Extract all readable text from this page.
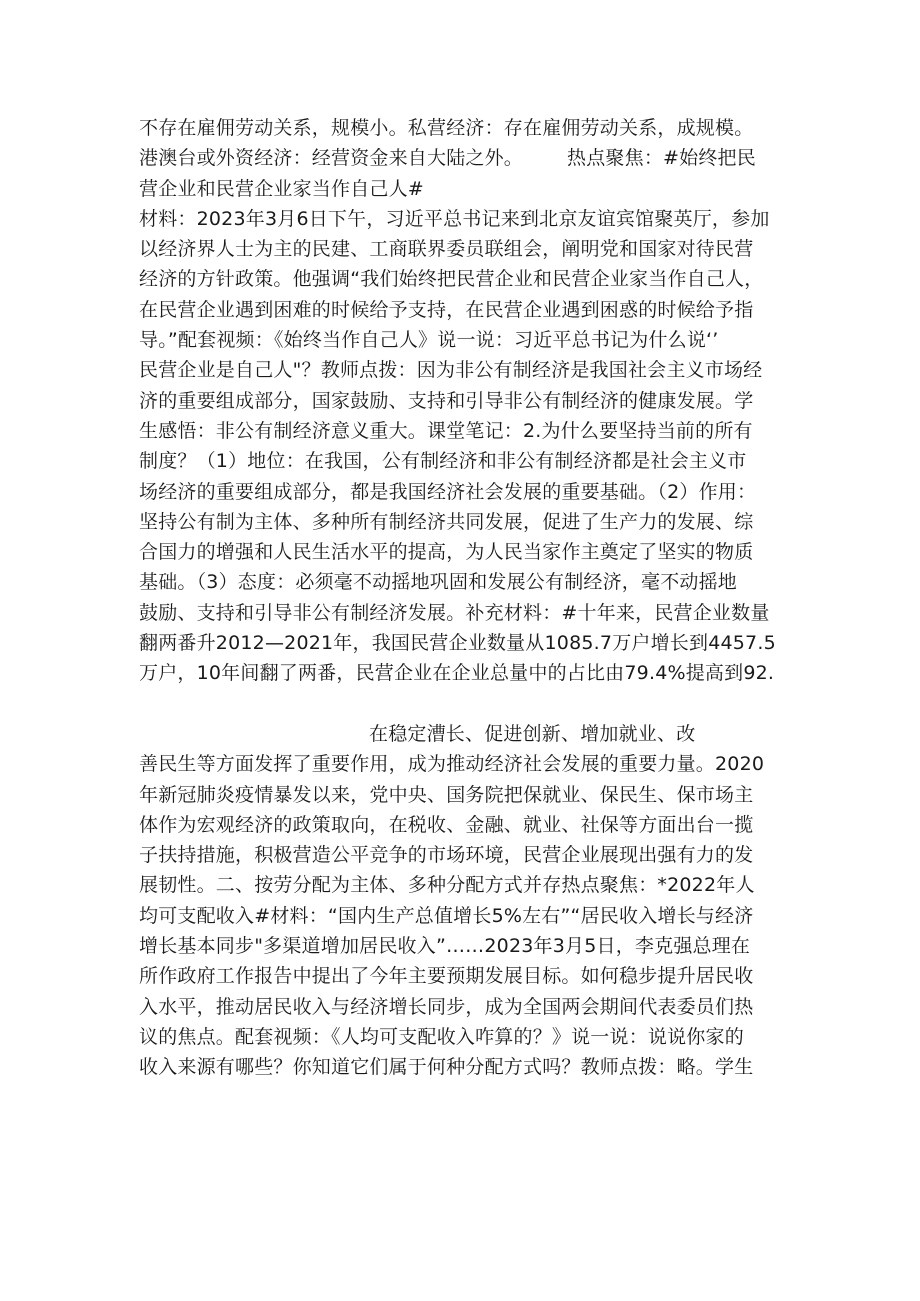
不存在雇佣劳动关系，规模小。私营经济：存在雇佣劳动关系，成规模。
港澳台或外资经济：经营资金来自大陆之外。 热点聚焦：#始终把民
营企业和民营企业家当作自己人#
材料：2023年3月6日下午，习近平总书记来到北京友谊宾馆聚英厅，参加
以经济界人士为主的民建、工商联界委员联组会，阐明党和国家对待民营
经济的方针政策。他强调“我们始终把民营企业和民营企业家当作自己人，
在民营企业遇到困难的时候给予支持，在民营企业遇到困惑的时候给予指
导。”配套视频：《始终当作自己人》说一说：习近平总书记为什么说‘’
民营企业是自己人"？教师点拨：因为非公有制经济是我国社会主义市场经
济的重要组成部分，国家鼓励、支持和引导非公有制经济的健康发展。学
生感悟：非公有制经济意义重大。课堂笔记：2.为什么要坚持当前的所有
制度？（1）地位：在我国，公有制经济和非公有制经济都是社会主义市
场经济的重要组成部分，都是我国经济社会发展的重要基础。（2）作用：
坚持公有制为主体、多种所有制经济共同发展，促进了生产力的发展、综
合国力的增强和人民生活水平的提高，为人民当家作主奠定了坚实的物质
基础。（3）态度：必须毫不动摇地巩固和发展公有制经济，毫不动摇地
鼓励、支持和引导非公有制经济发展。补充材料：#十年来，民营企业数量
翻两番升2012—2021年，我国民营企业数量从1085.7万户增长到4457.5
万户，10年间翻了两番，民营企业在企业总量中的占比由79.4%提高到92.
在稳定漕长、促进创新、增加就业、改
善民生等方面发挥了重要作用，成为推动经济社会发展的重要力量。2020
年新冠肺炎疫情暴发以来，党中央、国务院把保就业、保民生、保市场主
体作为宏观经济的政策取向，在税收、金融、就业、社保等方面出台一揽
子扶持措施，积极营造公平竞争的市场环境，民营企业展现出强有力的发
展韧性。二、按劳分配为主体、多种分配方式并存热点聚焦：*2022年人
均可支配收入#材料：“国内生产总值增长5%左右”“居民收入增长与经济
增长基本同步"多渠道增加居民收入”……2023年3月5日，李克强总理在
所作政府工作报告中提出了今年主要预期发展目标。如何稳步提升居民收
入水平，推动居民收入与经济增长同步，成为全国两会期间代表委员们热
议的焦点。配套视频：《人均可支配收入咋算的？》说一说：说说你家的
收入来源有哪些？你知道它们属于何种分配方式吗？教师点拨：略。学生
